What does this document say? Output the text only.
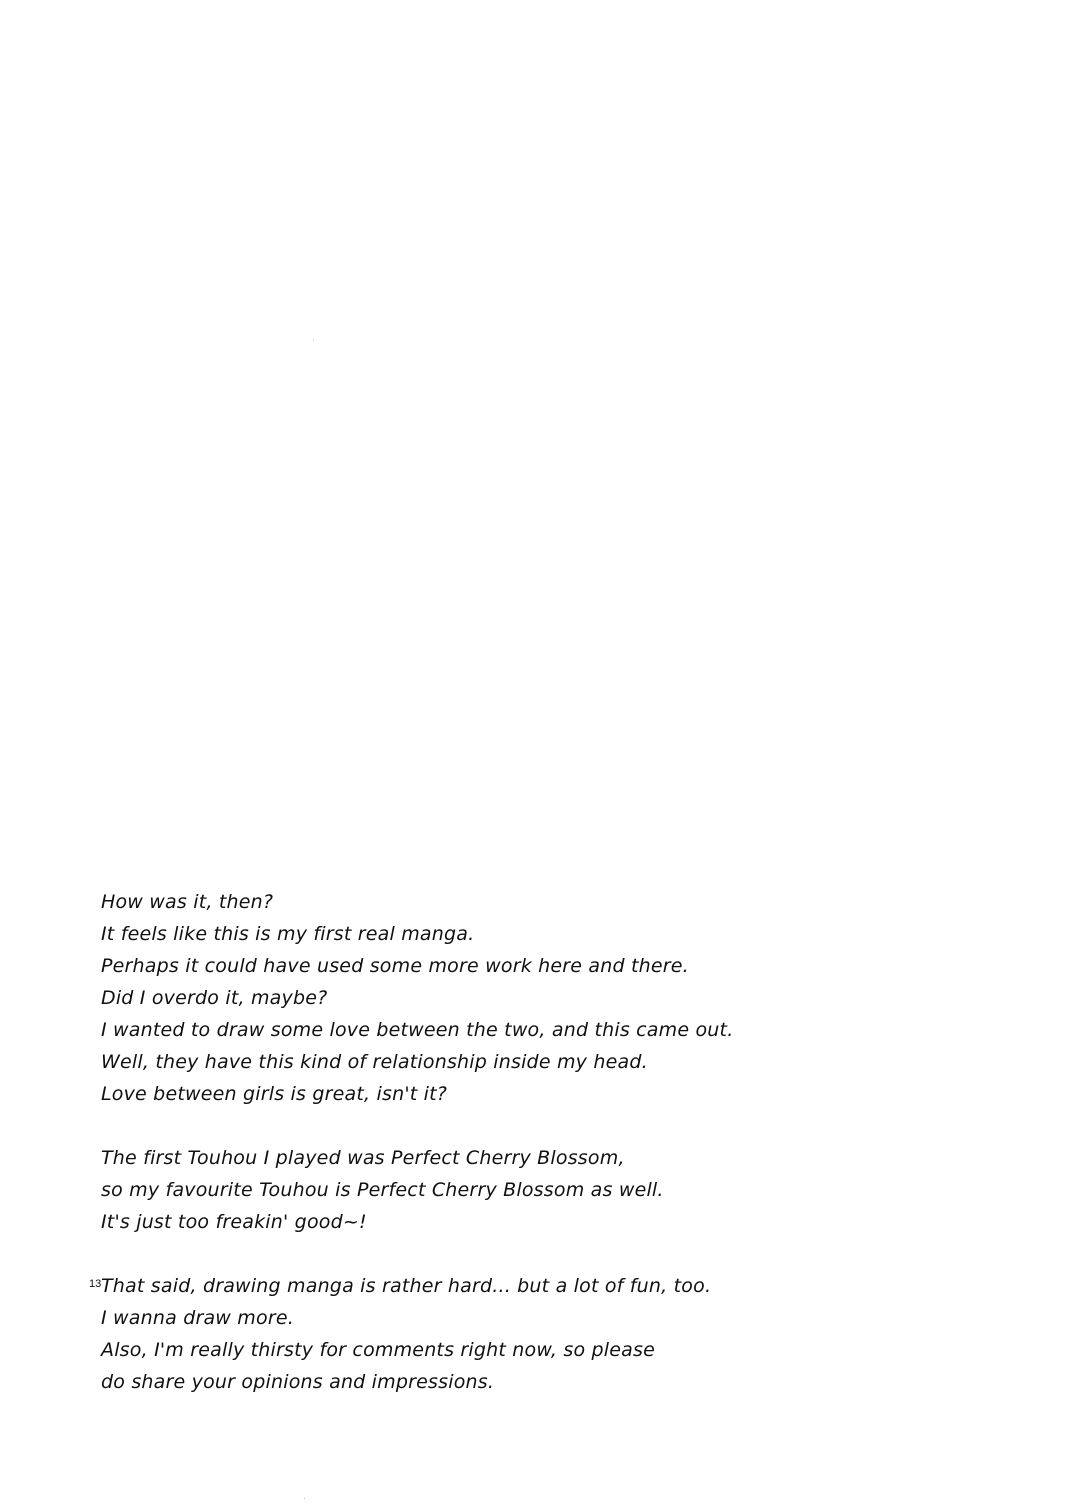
How was it, then?
It feels like this is my first real manga.
Perhaps it could have used some more work here and there.
Did I overdo it, maybe?
I wanted to draw some love between the two, and this came out.
Well, they have this kind of relationship inside my head.
Love between girls is great, isn't it?

The first Touhou I played was Perfect Cherry Blossom,
so my favourite Touhou is Perfect Cherry Blossom as well.
It's just too freakin' good~!

That said, drawing manga is rather hard... but a lot of fun, too.
I wanna draw more.
Also, I'm really thirsty for comments right now, so please
do share your opinions and impressions.

13
